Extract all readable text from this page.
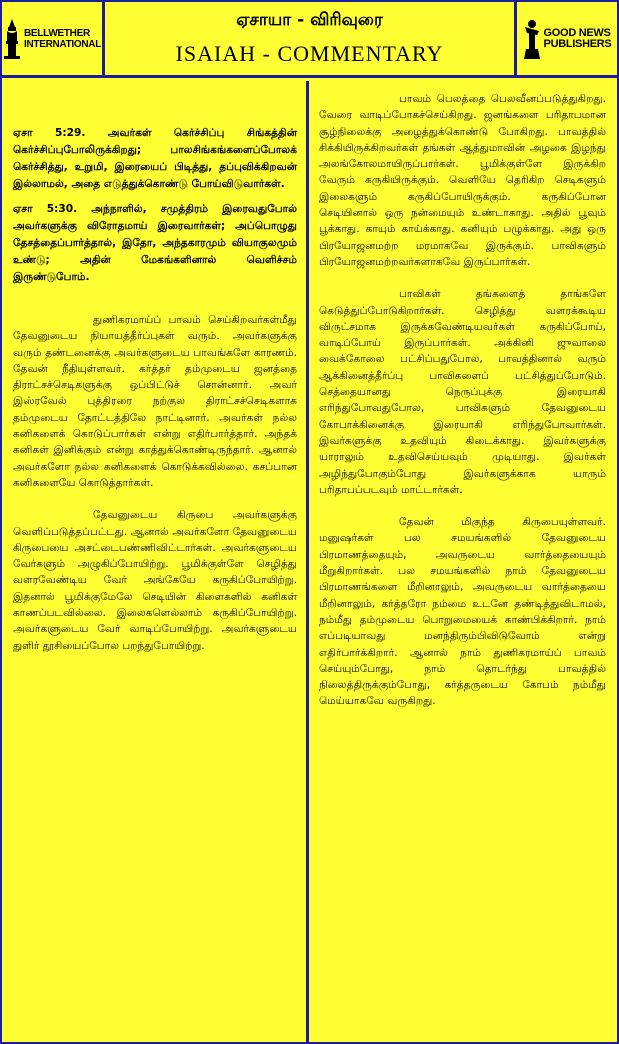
BELLWETHER
INTERNATIONAL
ஏசாயா - விரிவுரை
ISAIAH - COMMENTARY
GOOD NEWS
PUBLISHERS

ஏசா 5:29. அவர்கள் கெர்ச்சிப்பு சிங்கத்தின் கெர்ச்சிப்புபோலிருக்கிறது; பாலசிங்கங்களைப்போலக் கெர்ச்சித்து, உறுமி, இரையைப் பிடித்து, தப்புவிக்கிறவன் இல்லாமல், அதை எடுத்துக்கொண்டு போய்விடுவார்கள்.

ஏசா 5:30. அந்நாளில், சமுத்திரம் இரைவதுபோல் அவர்களுக்கு விரோதமாய் இரைவார்கள்; அப்பொழுது தேசத்தைப்பார்த்தால், இதோ, அந்தகாரமும் வியாகுலமும் உண்டு; அதின் மேகங்களினால் வெளிச்சம் இருண்டுபோம்.

துணிகரமாய்ப் பாவம் செய்கிறவர்கள்மீது தேவனுடைய நியாயத்தீர்ப்புகள் வரும். அவர்களுக்கு வரும் தண்டனைக்கு அவர்களுடைய பாவங்களே காரணம். தேவன் நீதியுள்ளவர். கர்த்தர் தம்முடைய ஜனத்தை திராட்சச்செடிகளுக்கு ஒப்பிட்டுச் சொன்னார். அவர் இஸ்ரவேல் புத்திரரை நற்குல திராட்சச்செடிகளாக தம்முடைய தோட்டத்திலே நாட்டினார். அவர்கள் நல்ல கனிகளைக் கொடுப்பார்கள் என்று எதிர்பார்த்தார். அந்தக் கனிகள் இனிக்கும் என்று காத்துக்கொண்டிருந்தார். ஆனால் அவர்களோ நல்ல கனிகளைக் கொடுக்கவில்லை. கசப்பான கனிகளையே கொடுத்தார்கள்.

தேவனுடைய கிருபை அவர்களுக்கு வெளிப்படுத்தப்பட்டது. ஆனால் அவர்களோ தேவனுடைய கிருபையை அசட்டைபண்ணிவிட்டார்கள். அவர்களுடைய வேர்களும் அழுகிப்போயிற்று. பூமிக்குள்ளே செழித்து வளரவேண்டிய வேர் அங்கேயே கருகிப்போயிற்று. இதனால் பூமிக்குமேலே செடியின் கிளைகளில் கனிகள் காணப்படவில்லை. இலைகளெல்லாம் கருகிப்போயிற்று. அவர்களுடைய வேர் வாடிப்போயிற்று. அவர்களுடைய துளிர் தூசியைப்போல பறந்துபோயிற்று.

பாவம் பெலத்தை பெலவீனப்படுத்துகிறது. வேரை வாடிப்போகச்செய்கிறது. ஜனங்களை பரிதாபமான சூழ்நிலைக்கு அழைத்துக்கொண்டு போகிறது. பாவத்தில் சிக்கியிருக்கிறவர்கள் தங்கள் ஆத்துமாவின் அழகை இழந்து அலங்கோலமாயிருப்பார்கள். பூமிக்குள்ளே இருக்கிற வேரும் கருகியிருக்கும். வெளியே தெரிகிற செடிகளும் இலைகளும் கருகிப்போயிருக்கும். கருகிப்போன செடியினால் ஒரு நன்மையும் உண்டாகாது. அதில் பூவும் பூக்காது. காயும் காய்க்காது. கனியும் பழுக்காது. அது ஒரு பிரயோஜனமற்ற மரமாகவே இருக்கும். பாவிகளும் பிரயோஜனமற்றவர்களாகவே இருப்பார்கள்.

பாவிகள் தங்களைத் தாங்களே கெடுத்துப்போடுகிறார்கள். செழித்து வளரக்கூடிய விருட்சமாக இருக்கவேண்டியவர்கள் கருகிப்போய், வாடிப்போய் இருப்பார்கள். அக்கினி ஜுவாலை வைக்கோலை பட்சிப்பதுபோல, பாவத்தினால் வரும் ஆக்கினைத்தீர்ப்பு பாவிகளைப் பட்சித்துப்போடும். செத்தையானது நெருப்புக்கு இரையாகி எரிந்துபோவதுபோல, பாவிகளும் தேவனுடைய கோபாக்கினைக்கு இரையாகி எரிந்துபோவார்கள். இவர்களுக்கு உதவியும் கிடைக்காது. இவர்களுக்கு யாராலும் உதவிசெய்யவும் முடியாது. இவர்கள் அழிந்துபோகும்போது இவர்களுக்காக யாரும் பரிதாபப்படவும் மாட்டார்கள்.

தேவன் மிகுந்த கிருபையுள்ளவர். மனுஷர்கள் பல சமயங்களில் தேவனுடைய பிரமாணத்தையும், அவருடைய வார்த்தையையும் மீறுகிறார்கள். பல சமயங்களில் நாம் தேவனுடைய பிரமாணங்களை மீறினாலும், அவருடைய வார்த்தையை மீறினாலும், கர்த்தரோ நம்மை உடனே தண்டித்துவிடாமல், நம்மீது தம்முடைய பொறுமையைக் காண்பிக்கிறார். நாம் எப்படியாவது மனந்திரும்பிவிடுவோம் என்று எதிர்பார்க்கிறார். ஆனால் நாம் துணிகரமாய்ப் பாவம் செய்யும்போது, நாம் தொடர்ந்து பாவத்தில் நிலைத்திருக்கும்போது, கர்த்தருடைய கோபம் நம்மீது மெய்யாகவே வருகிறது.
